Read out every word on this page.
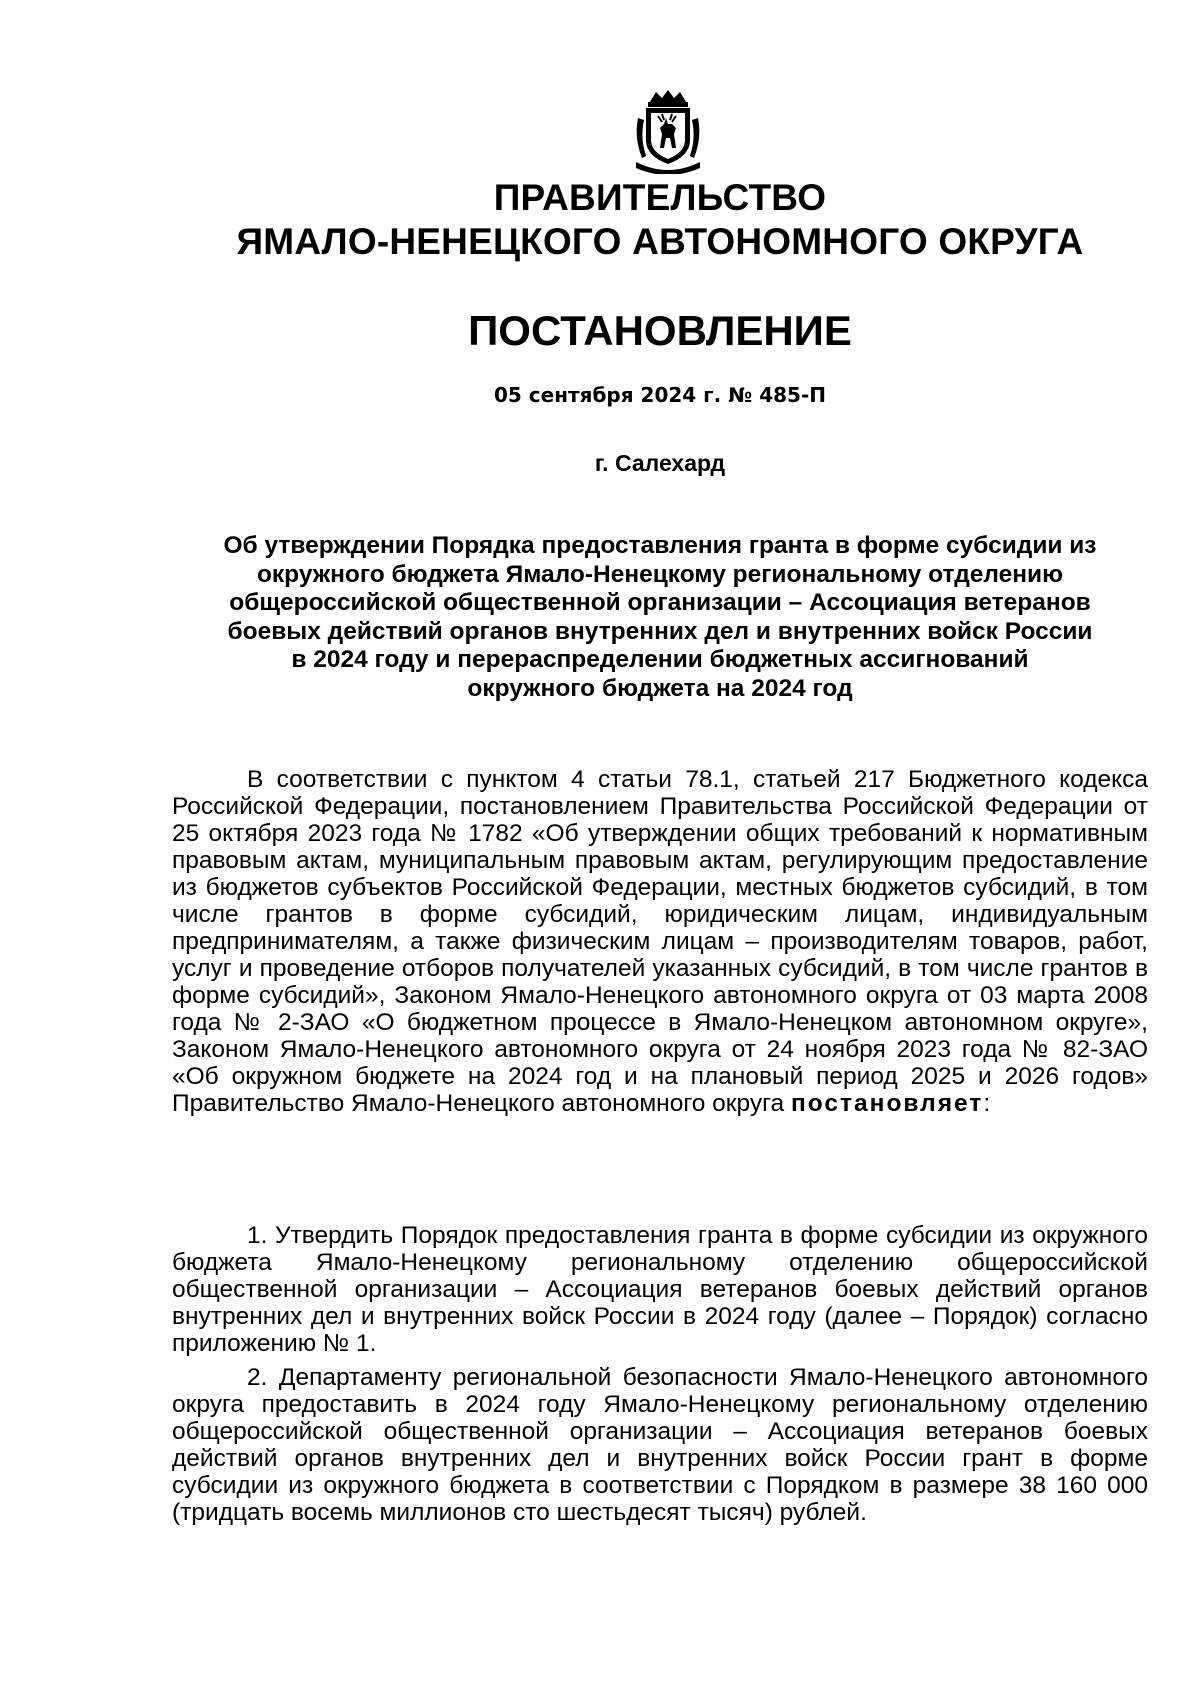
ПРАВИТЕЛЬСТВО
ЯМАЛО-НЕНЕЦКОГО АВТОНОМНОГО ОКРУГА
ПОСТАНОВЛЕНИЕ
05 сентября 2024 г. № 485-П
г. Салехард
Об утверждении Порядка предоставления гранта в форме субсидии из
окружного бюджета Ямало-Ненецкому региональному отделению
общероссийской общественной организации – Ассоциация ветеранов
боевых действий органов внутренних дел и внутренних войск России
в 2024 году и перераспределении бюджетных ассигнований
окружного бюджета на 2024 год

В соответствии с пунктом 4 статьи 78.1, статьей 217 Бюджетного кодекса Российской Федерации, постановлением Правительства Российской Федерации от 25 октября 2023 года № 1782 «Об утверждении общих требований к нормативным правовым актам, муниципальным правовым актам, регулирующим предоставление из бюджетов субъектов Российской Федерации, местных бюджетов субсидий, в том числе грантов в форме субсидий, юридическим лицам, индивидуальным предпринимателям, а также физическим лицам – производителям товаров, работ, услуг и проведение отборов получателей указанных субсидий, в том числе грантов в форме субсидий», Законом Ямало-Ненецкого автономного округа от 03 марта 2008 года № 2-ЗАО «О бюджетном процессе в Ямало-Ненецком автономном округе», Законом Ямало-Ненецкого автономного округа от 24 ноября 2023 года № 82-ЗАО «Об окружном бюджете на 2024 год и на плановый период 2025 и 2026 годов» Правительство Ямало-Ненецкого автономного округа постановляет:

1. Утвердить Порядок предоставления гранта в форме субсидии из окружного бюджета Ямало-Ненецкому региональному отделению общероссийской общественной организации – Ассоциация ветеранов боевых действий органов внутренних дел и внутренних войск России в 2024 году (далее – Порядок) согласно приложению № 1.

2. Департаменту региональной безопасности Ямало-Ненецкого автономного округа предоставить в 2024 году Ямало-Ненецкому региональному отделению общероссийской общественной организации – Ассоциация ветеранов боевых действий органов внутренних дел и внутренних войск России грант в форме субсидии из окружного бюджета в соответствии с Порядком в размере 38 160 000 (тридцать восемь миллионов сто шестьдесят тысяч) рублей.
